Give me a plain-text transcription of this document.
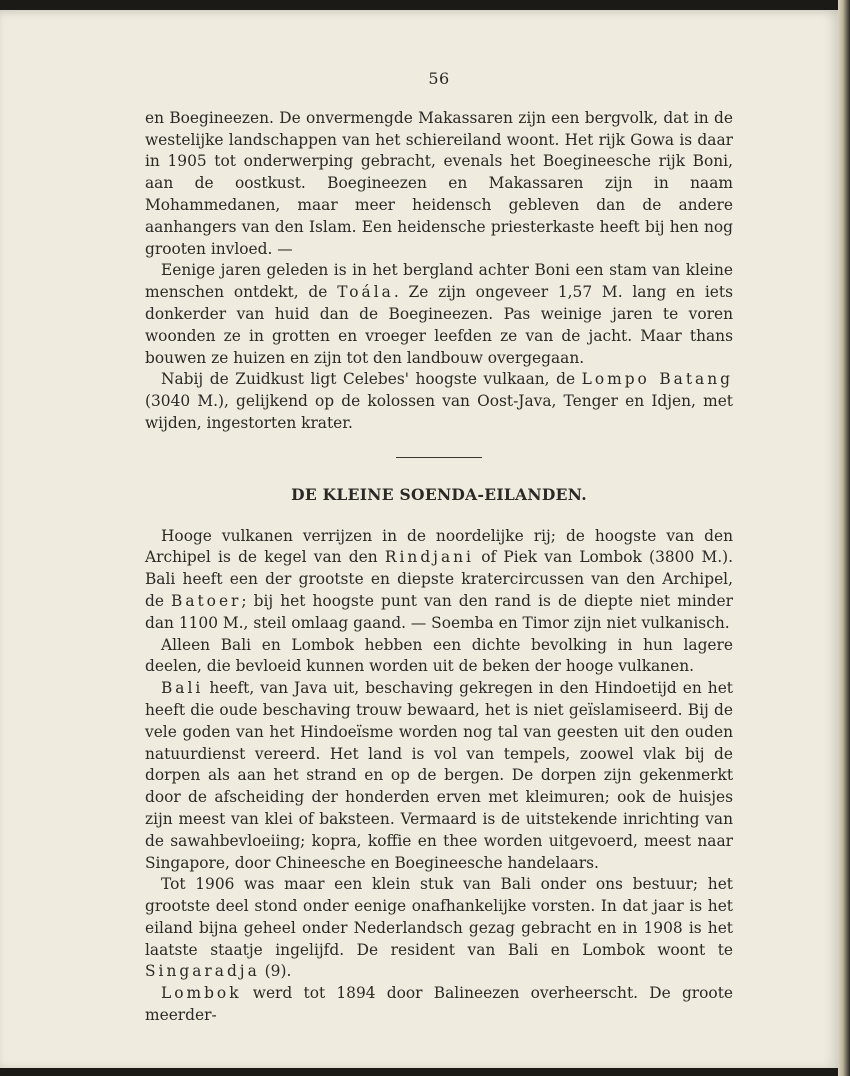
56

en Boegineezen. De onvermengde Makassaren zijn een bergvolk, dat in de westelijke landschappen van het schiereiland woont. Het rijk Gowa is daar in 1905 tot onderwerping gebracht, evenals het Boegineesche rijk Boni, aan de oostkust. Boegineezen en Makassaren zijn in naam Mohammedanen, maar meer heidensch gebleven dan de andere aanhangers van den Islam. Een heidensche priesterkaste heeft bij hen nog grooten invloed. —

Eenige jaren geleden is in het bergland achter Boni een stam van kleine menschen ontdekt, de Toála. Ze zijn ongeveer 1,57 M. lang en iets donkerder van huid dan de Boegineezen. Pas weinige jaren te voren woonden ze in grotten en vroeger leefden ze van de jacht. Maar thans bouwen ze huizen en zijn tot den landbouw overgegaan.

Nabij de Zuidkust ligt Celebes' hoogste vulkaan, de Lompo Batang (3040 M.), gelijkend op de kolossen van Oost-Java, Tenger en Idjen, met wijden, ingestorten krater.

DE KLEINE SOENDA-EILANDEN.

Hooge vulkanen verrijzen in de noordelijke rij; de hoogste van den Archipel is de kegel van den Rindjani of Piek van Lombok (3800 M.). Bali heeft een der grootste en diepste kratercircussen van den Archipel, de Batoer; bij het hoogste punt van den rand is de diepte niet minder dan 1100 M., steil omlaag gaand. — Soemba en Timor zijn niet vulkanisch.

Alleen Bali en Lombok hebben een dichte bevolking in hun lagere deelen, die bevloeid kunnen worden uit de beken der hooge vulkanen.

Bali heeft, van Java uit, beschaving gekregen in den Hindoetijd en het heeft die oude beschaving trouw bewaard, het is niet geïslamiseerd. Bij de vele goden van het Hindoeïsme worden nog tal van geesten uit den ouden natuurdienst vereerd. Het land is vol van tempels, zoowel vlak bij de dorpen als aan het strand en op de bergen. De dorpen zijn gekenmerkt door de afscheiding der honderden erven met kleimuren; ook de huisjes zijn meest van klei of baksteen. Vermaard is de uitstekende inrichting van de sawahbevloeiing; kopra, koffie en thee worden uitgevoerd, meest naar Singapore, door Chineesche en Boegineesche handelaars.

Tot 1906 was maar een klein stuk van Bali onder ons bestuur; het grootste deel stond onder eenige onafhankelijke vorsten. In dat jaar is het eiland bijna geheel onder Nederlandsch gezag gebracht en in 1908 is het laatste staatje ingelijfd. De resident van Bali en Lombok woont te Singaradja (9).

Lombok werd tot 1894 door Balineezen overheerscht. De groote meerder-
